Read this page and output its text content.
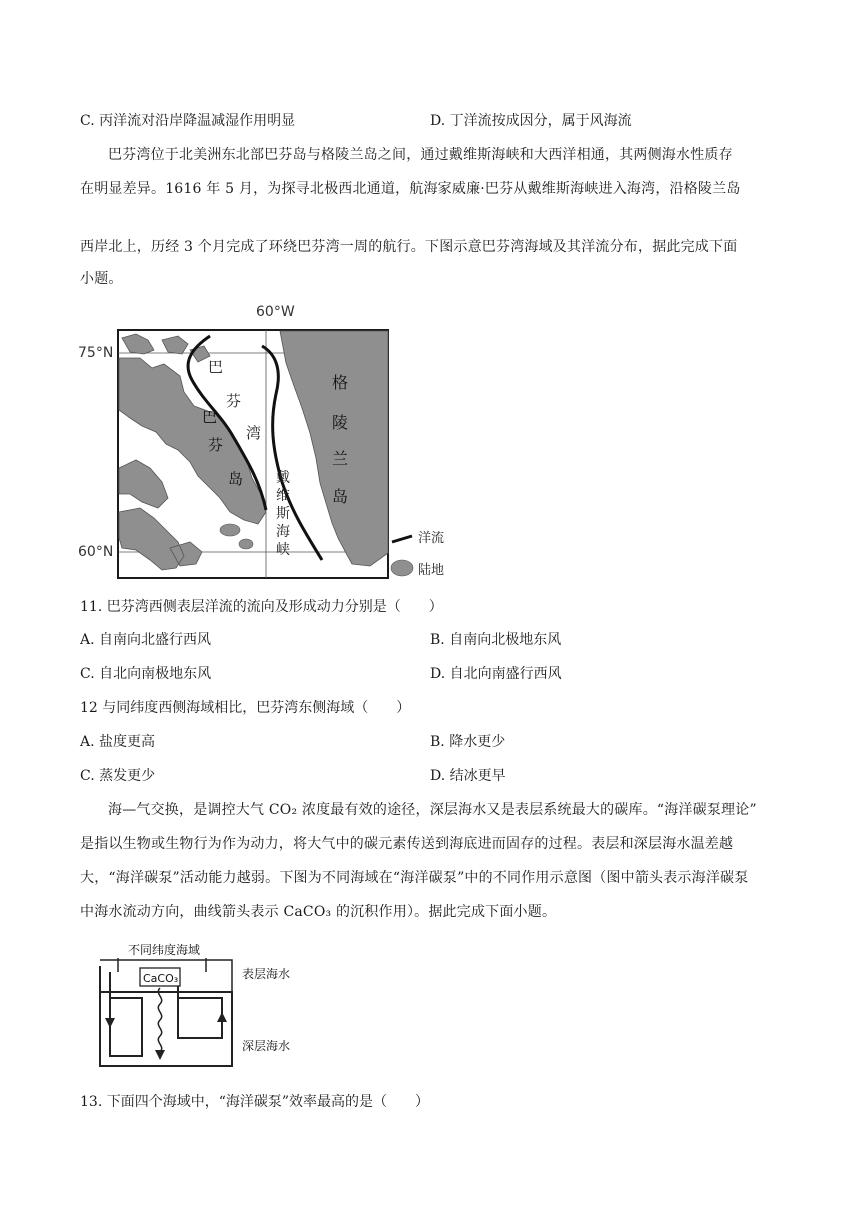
C. 丙洋流对沿岸降温减湿作用明显	D. 丁洋流按成因分，属于风海流
巴芬湾位于北美洲东北部巴芬岛与格陵兰岛之间，通过戴维斯海峡和大西洋相通，其两侧海水性质存
在明显差异。1616 年 5 月，为探寻北极西北通道，航海家威廉·巴芬从戴维斯海峡进入海湾，沿格陵兰岛
西岸北上，历经 3 个月完成了环绕巴芬湾一周的航行。下图示意巴芬湾海域及其洋流分布，据此完成下面
小题。
60°W
75°N
60°N
巴
芬
湾
巴
芬
岛
格
陵
兰
岛
戴
维
斯
海
峡
洋流
陆地
11. 巴芬湾西侧表层洋流的流向及形成动力分别是（　　）
A. 自南向北盛行西风	B. 自南向北极地东风
C. 自北向南极地东风	D. 自北向南盛行西风
12 与同纬度西侧海域相比，巴芬湾东侧海域（　　）
A. 盐度更高	B. 降水更少
C. 蒸发更少	D. 结冰更早
海—气交换，是调控大气 CO₂ 浓度最有效的途径，深层海水又是表层系统最大的碳库。“海洋碳泵理论”
是指以生物或生物行为作为动力，将大气中的碳元素传送到海底进而固存的过程。表层和深层海水温差越
大，“海洋碳泵”活动能力越弱。下图为不同海域在“海洋碳泵”中的不同作用示意图（图中箭头表示海洋碳泵
中海水流动方向，曲线箭头表示 CaCO₃ 的沉积作用）。据此完成下面小题。
不同纬度海域
表层海水
深层海水
CaCO₃
13. 下面四个海域中，“海洋碳泵”效率最高的是（　　）
